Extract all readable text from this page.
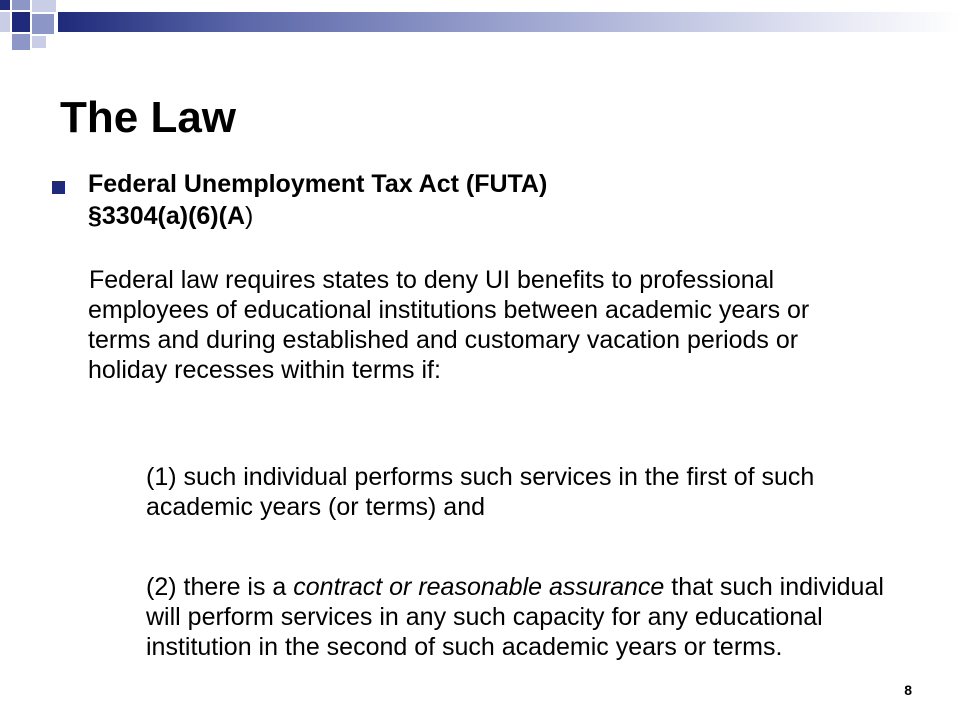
The Law

Federal Unemployment Tax Act (FUTA)
§3304(a)(6)(A)

Federal law requires states to deny UI benefits to professional employees of educational institutions between academic years or terms and during established and customary vacation periods or holiday recesses within terms if:

(1) such individual performs such services in the first of such academic years (or terms) and

(2) there is a contract or reasonable assurance that such individual will perform services in any such capacity for any educational institution in the second of such academic years or terms.

8
